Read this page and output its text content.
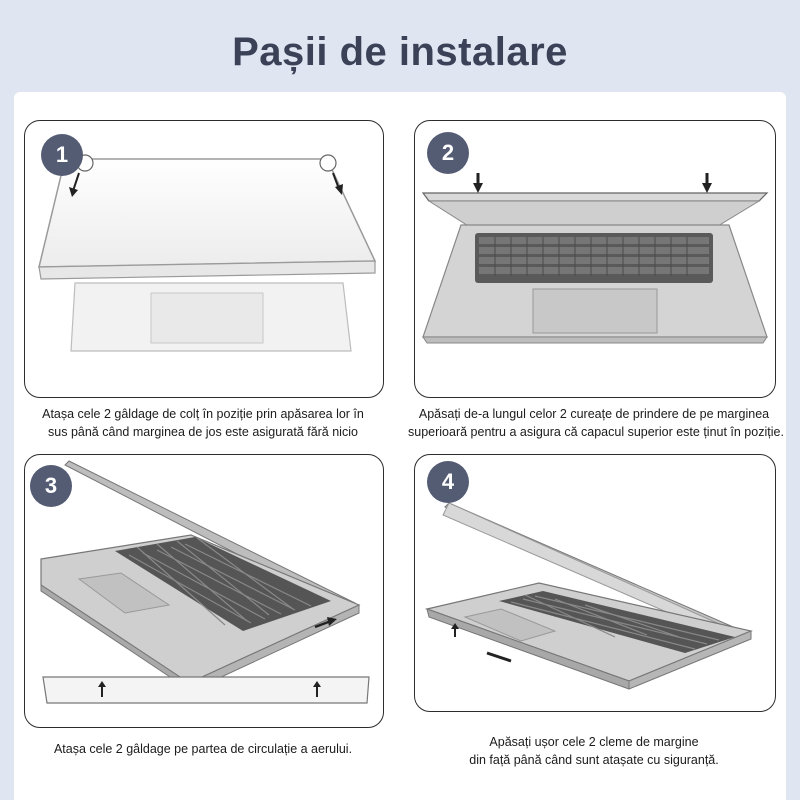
Pașii de instalare
1
Atașa cele 2 gâldage de colț în poziție prin apăsarea lor în
sus până când marginea de jos este asigurată fără nicio
2
Apăsați de-a lungul celor 2 cureațe de prindere de pe marginea
superioară pentru a asigura că capacul superior este ținut în poziție.
3
Atașa cele 2 gâldage pe partea de circulație a aerului.
4
Apăsați ușor cele 2 cleme de margine
din față până când sunt atașate cu siguranță.
